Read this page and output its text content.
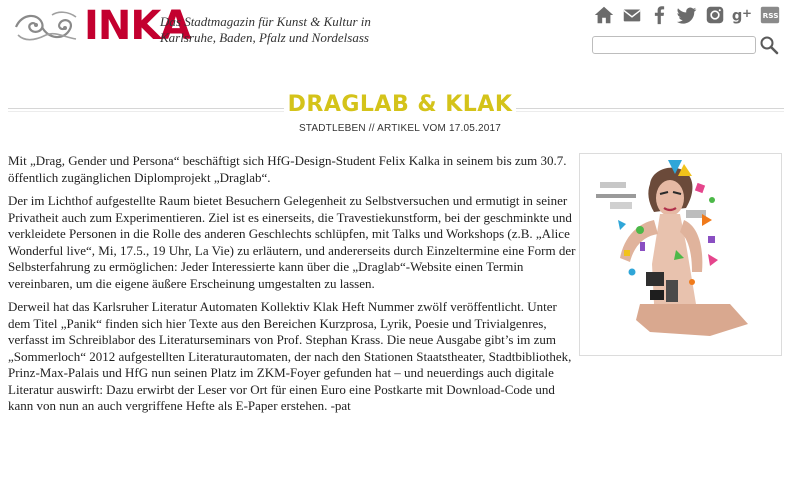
INKA
Das Stadtmagazin für Kunst & Kultur in
Karlsruhe, Baden, Pfalz und Nordelsass
g + RSS
DRAGLAB & KLAK
STADTLEBEN // ARTIKEL VOM 17.05.2017

Mit „Drag, Gender und Persona“ beschäftigt sich HfG-Design-Student Felix Kalka in seinem bis zum 30.7. öffentlich zugänglichen Diplomprojekt „Draglab“.

Der im Lichthof aufgestellte Raum bietet Besuchern Gelegenheit zu Selbstversuchen und ermutigt in seiner Privatheit auch zum Experimentieren. Ziel ist es einerseits, die Travestiekunstform, bei der geschminkte und verkleidete Personen in die Rolle des anderen Geschlechts schlüpfen, mit Talks und Workshops (z.B. „Alice Wonderful live“, Mi, 17.5., 19 Uhr, La Vie) zu erläutern, und andererseits durch Einzeltermine eine Form der Selbsterfahrung zu ermöglichen: Jeder Interessierte kann über die „Draglab“-Website einen Termin vereinbaren, um die eigene äußere Erscheinung umgestalten zu lassen.

Derweil hat das Karlsruher Literatur Automaten Kollektiv Klak Heft Nummer zwölf veröffentlicht. Unter dem Titel „Panik“ finden sich hier Texte aus den Bereichen Kurzprosa, Lyrik, Poesie und Trivialgenres, verfasst im Schreiblabor des Literaturseminars von Prof. Stephan Krass. Die neue Ausgabe gibt’s im zum „Sommerloch“ 2012 aufgestellten Literaturautomaten, der nach den Stationen Staatstheater, Stadtbibliothek, Prinz-Max-Palais und HfG nun seinen Platz im ZKM-Foyer gefunden hat – und neuerdings auch digitale Literatur auswirft: Dazu erwirbt der Leser vor Ort für einen Euro eine Postkarte mit Download-Code und kann von nun an auch vergriffene Hefte als E-Paper erstehen. -pat
